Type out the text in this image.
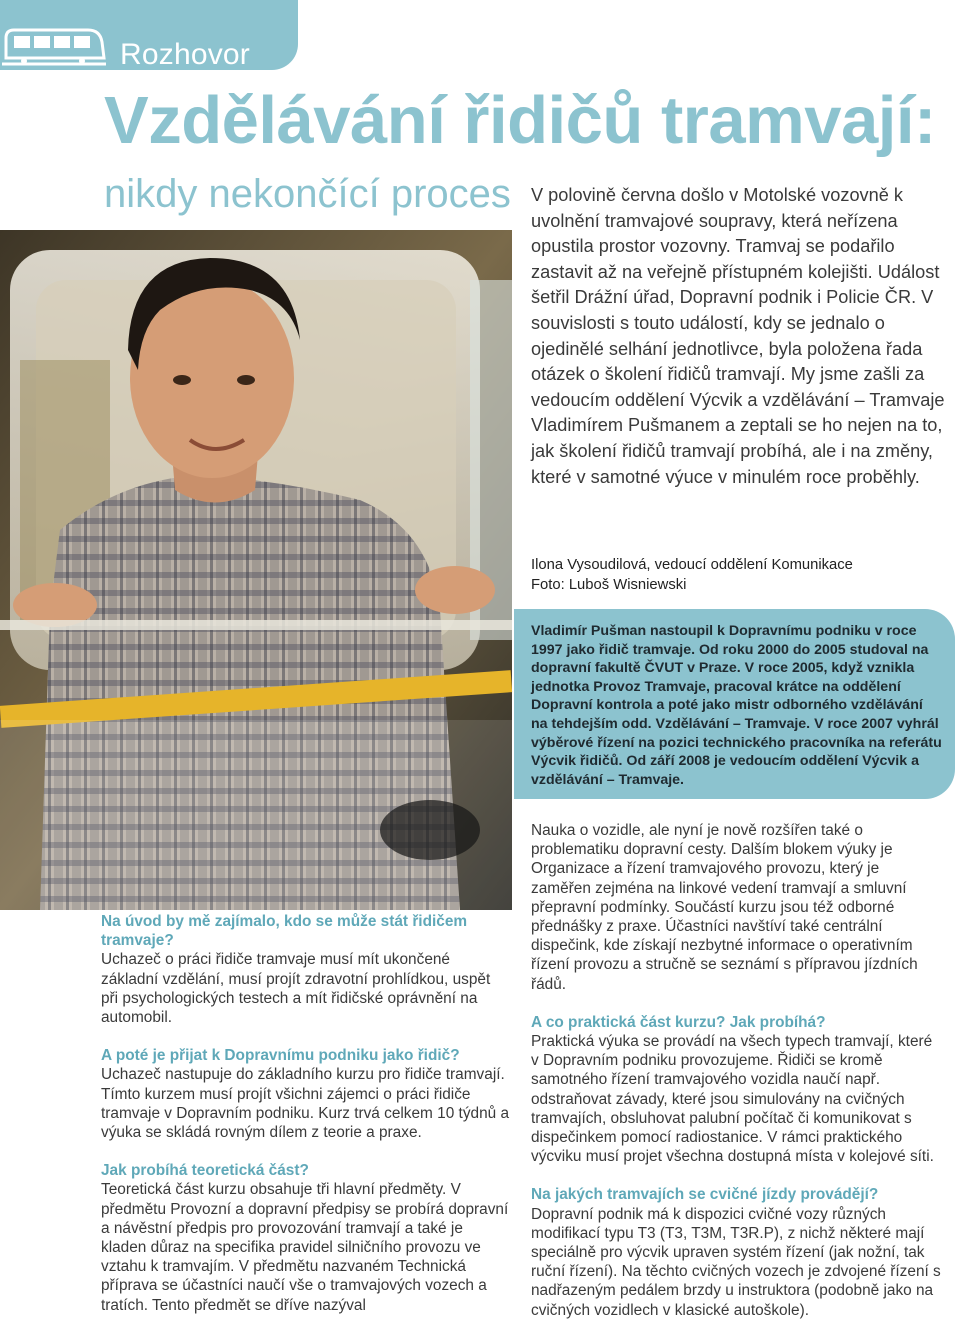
Rozhovor
Vzdělávání řidičů tramvají:
nikdy nekončící proces V polovině června došlo v Motolské vozovně k uvolnění tramvajové soupravy, která neřízena opustila prostor vozovny. Tramvaj se podařilo zastavit až na veřejně přístupném kolejišti. Událost šetřil Drážní úřad, Dopravní podnik i Policie ČR. V souvislosti s touto událostí, kdy se jednalo o ojedinělé selhání jednotlivce, byla položena řada otázek o školení řidičů tramvají. My jsme zašli za vedoucím oddělení Výcvik a vzdělávání – Tramvaje Vladimírem Pušmanem a zeptali se ho nejen na to, jak školení řidičů tramvají probíhá, ale i na změny, které v samotné výuce v minulém roce proběhly.

Ilona Vysoudilová, vedoucí oddělení Komunikace
Foto: Luboš Wisniewski

Vladimír Pušman nastoupil k Dopravnímu podniku v roce 1997 jako řidič tramvaje. Od roku 2000 do 2005 studoval na dopravní fakultě ČVUT v Praze. V roce 2005, když vznikla jednotka Provoz Tramvaje, pracoval krátce na oddělení Dopravní kontrola a poté jako mistr odborného vzdělávání na tehdejším odd. Vzdělávání – Tramvaje. V roce 2007 vyhrál výběrové řízení na pozici technického pracovníka na referátu Výcvik řidičů. Od září 2008 je vedoucím oddělení Výcvik a vzdělávání – Tramvaje.

Na úvod by mě zajímalo, kdo se může stát řidičem tramvaje?
Uchazeč o práci řidiče tramvaje musí mít ukončené základní vzdělání, musí projít zdravotní prohlídkou, uspět při psychologických testech a mít řidičské oprávnění na automobil.
A poté je přijat k Dopravnímu podniku jako řidič?
Uchazeč nastupuje do základního kurzu pro řidiče tramvají. Tímto kurzem musí projít všichni zájemci o práci řidiče tramvaje v Dopravním podniku. Kurz trvá celkem 10 týdnů a výuka se skládá rovným dílem z teorie a praxe.
Jak probíhá teoretická část?
Teoretická část kurzu obsahuje tři hlavní předměty. V předmětu Provozní a dopravní předpisy se probírá dopravní a návěstní předpis pro provozování tramvají a také je kladen důraz na specifika pravidel silničního provozu ve vztahu k tramvajím. V předmětu nazvaném Technická příprava se účastníci naučí vše o tramvajových vozech a tratích. Tento předmět se dříve nazýval
Nauka o vozidle, ale nyní je nově rozšířen také o problematiku dopravní cesty. Dalším blokem výuky je Organizace a řízení tramvajového provozu, který je zaměřen zejména na linkové vedení tramvají a smluvní přepravní podmínky. Součástí kurzu jsou též odborné přednášky z praxe. Účastníci navštíví také centrální dispečink, kde získají nezbytné informace o operativním řízení provozu a stručně se seznámí s přípravou jízdních řádů.
A co praktická část kurzu? Jak probíhá?
Praktická výuka se provádí na všech typech tramvají, které v Dopravním podniku provozujeme. Řidiči se kromě samotného řízení tramvajového vozidla naučí např. odstraňovat závady, které jsou simulovány na cvičných tramvajích, obsluhovat palubní počítač či komunikovat s dispečinkem pomocí radiostanice. V rámci praktického výcviku musí projet všechna dostupná místa v kolejové síti.
Na jakých tramvajích se cvičné jízdy provádějí?
Dopravní podnik má k dispozici cvičné vozy různých modifikací typu T3 (T3, T3M, T3R.P), z nichž některé mají speciálně pro výcvik upraven systém řízení (jak nožní, tak ruční řízení). Na těchto cvičných vozech je zdvojené řízení s nadřazeným pedálem brzdy u instruktora (podobně jako na cvičných vozidlech v klasické autoškole).
